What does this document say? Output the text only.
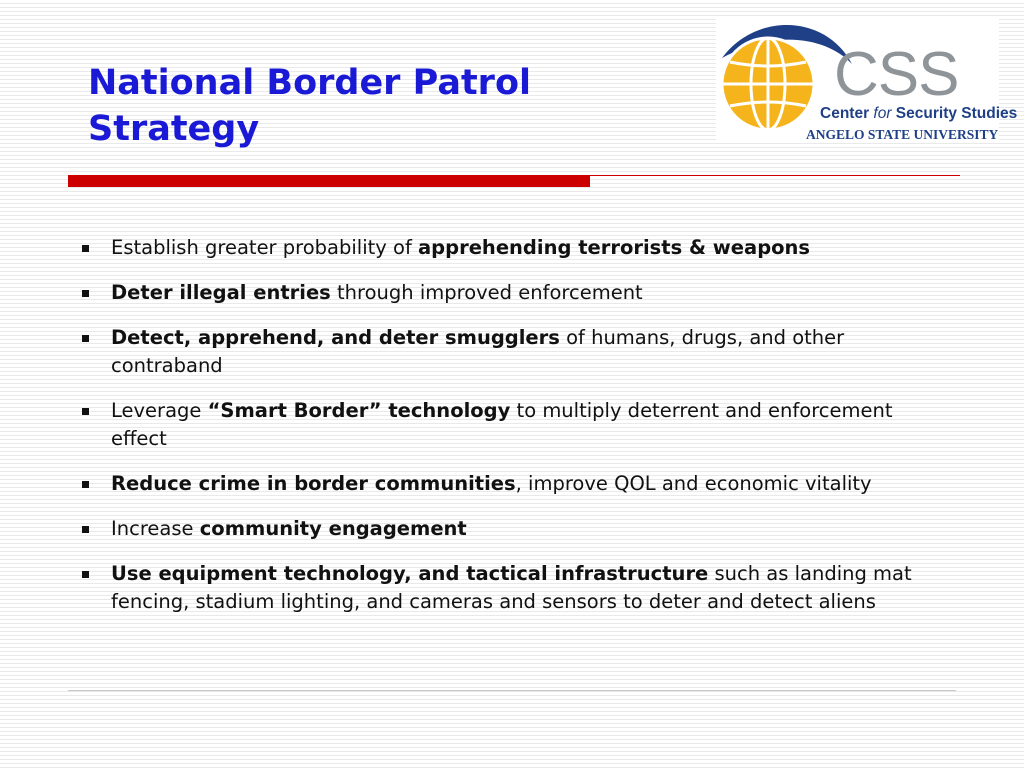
National Border Patrol
Strategy
CSS
Center for Security Studies
ANGELO STATE UNIVERSITY
Establish greater probability of apprehending terrorists & weapons
Deter illegal entries through improved enforcement
Detect, apprehend, and deter smugglers of humans, drugs, and other contraband
Leverage “Smart Border” technology to multiply deterrent and enforcement effect
Reduce crime in border communities, improve QOL and economic vitality
Increase community engagement
Use equipment technology, and tactical infrastructure such as landing mat fencing, stadium lighting, and cameras and sensors to deter and detect aliens
